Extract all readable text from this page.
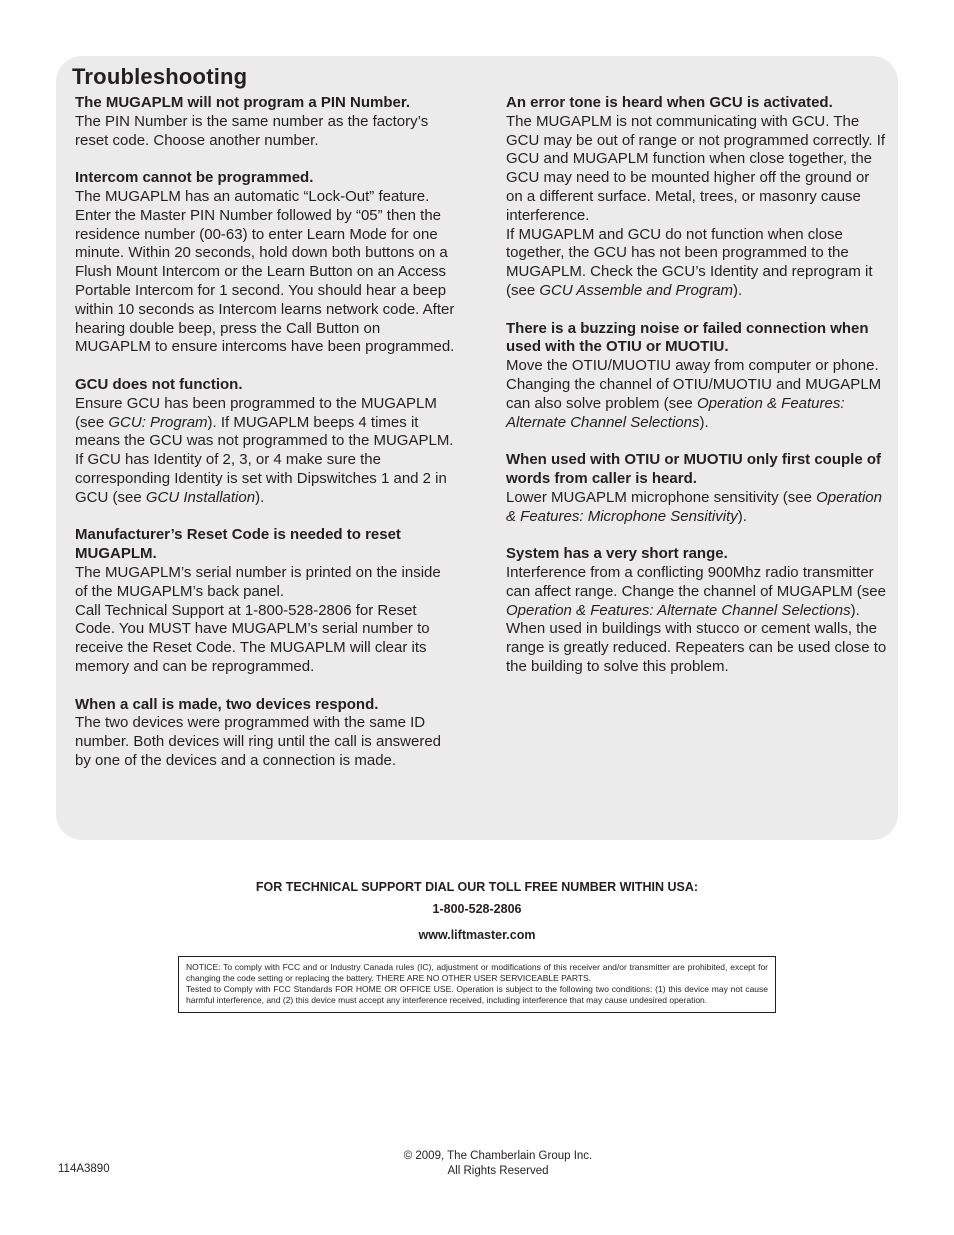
Troubleshooting
The MUGAPLM will not program a PIN Number.

The PIN Number is the same number as the factory’s reset code. Choose another number.

Intercom cannot be programmed.

The MUGAPLM has an automatic “Lock-Out” feature. Enter the Master PIN Number followed by “05” then the residence number (00-63) to enter Learn Mode for one minute. Within 20 seconds, hold down both buttons on a Flush Mount Intercom or the Learn Button on an Access Portable Intercom for 1 second. You should hear a beep within 10 seconds as Intercom learns network code. After hearing double beep, press the Call Button on MUGAPLM to ensure intercoms have been programmed.

GCU does not function.

Ensure GCU has been programmed to the MUGAPLM (see GCU: Program). If MUGAPLM beeps 4 times it means the GCU was not programmed to the MUGAPLM. If GCU has Identity of 2, 3, or 4 make sure the corresponding Identity is set with Dipswitches 1 and 2 in GCU (see GCU Installation).

Manufacturer’s Reset Code is needed to reset MUGAPLM.

The MUGAPLM’s serial number is printed on the inside of the MUGAPLM’s back panel.

Call Technical Support at 1-800-528-2806 for Reset Code. You MUST have MUGAPLM’s serial number to receive the Reset Code. The MUGAPLM will clear its memory and can be reprogrammed.

When a call is made, two devices respond.

The two devices were programmed with the same ID number. Both devices will ring until the call is answered by one of the devices and a connection is made.

An error tone is heard when GCU is activated.

The MUGAPLM is not communicating with GCU. The GCU may be out of range or not programmed correctly. If GCU and MUGAPLM function when close together, the GCU may need to be mounted higher off the ground or on a different surface. Metal, trees, or masonry cause interference.

If MUGAPLM and GCU do not function when close together, the GCU has not been programmed to the MUGAPLM. Check the GCU’s Identity and reprogram it (see GCU Assemble and Program).

There is a buzzing noise or failed connection when used with the OTIU or MUOTIU.

Move the OTIU/MUOTIU away from computer or phone. Changing the channel of OTIU/MUOTIU and MUGAPLM can also solve problem (see Operation & Features: Alternate Channel Selections).

When used with OTIU or MUOTIU only first couple of words from caller is heard.

Lower MUGAPLM microphone sensitivity (see Operation & Features: Microphone Sensitivity).

System has a very short range.

Interference from a conflicting 900Mhz radio transmitter can affect range. Change the channel of MUGAPLM (see Operation & Features: Alternate Channel Selections).

When used in buildings with stucco or cement walls, the range is greatly reduced. Repeaters can be used close to the building to solve this problem.

FOR TECHNICAL SUPPORT DIAL OUR TOLL FREE NUMBER WITHIN USA:
1-800-528-2806
www.liftmaster.com

NOTICE: To comply with FCC and or Industry Canada rules (IC), adjustment or modifications of this receiver and/or transmitter are prohibited, except for changing the code setting or replacing the battery. THERE ARE NO OTHER USER SERVICEABLE PARTS.

Tested to Comply with FCC Standards FOR HOME OR OFFICE USE. Operation is subject to the following two conditions: (1) this device may not cause harmful interference, and (2) this device must accept any interference received, including interference that may cause undesired operation.

114A3890
© 2009, The Chamberlain Group Inc.
All Rights Reserved
